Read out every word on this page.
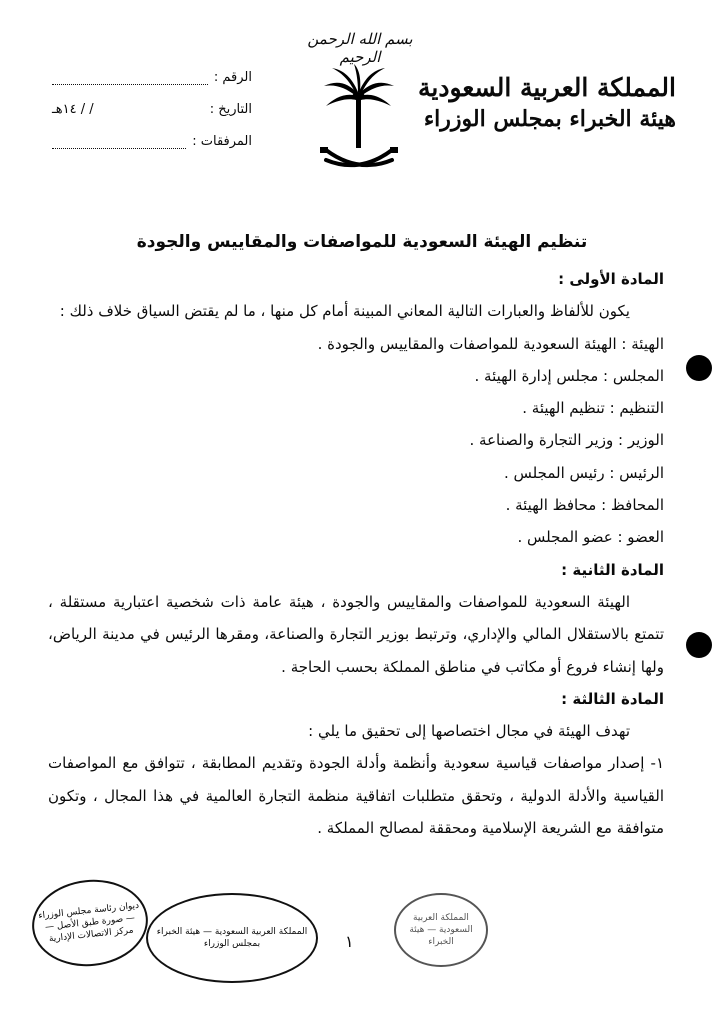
بسم الله الرحمن الرحيم
المملكة العربية السعودية
هيئة الخبراء بمجلس الوزراء
الرقم :
التاريخ :
/ / ١٤هـ
المرفقات :
تنظيم الهيئة السعودية للمواصفات والمقاييس والجودة

المادة الأولى :

يكون للألفاظ والعبارات التالية المعاني المبينة أمام كل منها ، ما لم يقتض السياق خلاف ذلك :

الهيئة : الهيئة السعودية للمواصفات والمقاييس والجودة .

المجلس : مجلس إدارة الهيئة .

التنظيم : تنظيم الهيئة .

الوزير : وزير التجارة والصناعة .

الرئيس : رئيس المجلس .

المحافظ : محافظ الهيئة .

العضو : عضو المجلس .

المادة الثانية :

الهيئة السعودية للمواصفات والمقاييس والجودة ، هيئة عامة ذات شخصية اعتبارية مستقلة ، تتمتع بالاستقلال المالي والإداري، وترتبط بوزير التجارة والصناعة، ومقرها الرئيس في مدينة الرياض، ولها إنشاء فروع أو مكاتب في مناطق المملكة بحسب الحاجة .

المادة الثالثة :

تهدف الهيئة في مجال اختصاصها إلى تحقيق ما يلي :

١- إصدار مواصفات قياسية سعودية وأنظمة وأدلة الجودة وتقديم المطابقة ، تتوافق مع المواصفات القياسية والأدلة الدولية ، وتحقق متطلبات اتفاقية منظمة التجارة العالمية في هذا المجال ، وتكون متوافقة مع الشريعة الإسلامية ومحققة لمصالح المملكة .

ديوان رئاسة مجلس الوزراء — صورة طبق الأصل — مركز الاتصالات الإدارية	المملكة العربية السعودية — هيئة الخبراء بمجلس الوزراء
المملكة العربية السعودية — هيئة الخبراء
١
